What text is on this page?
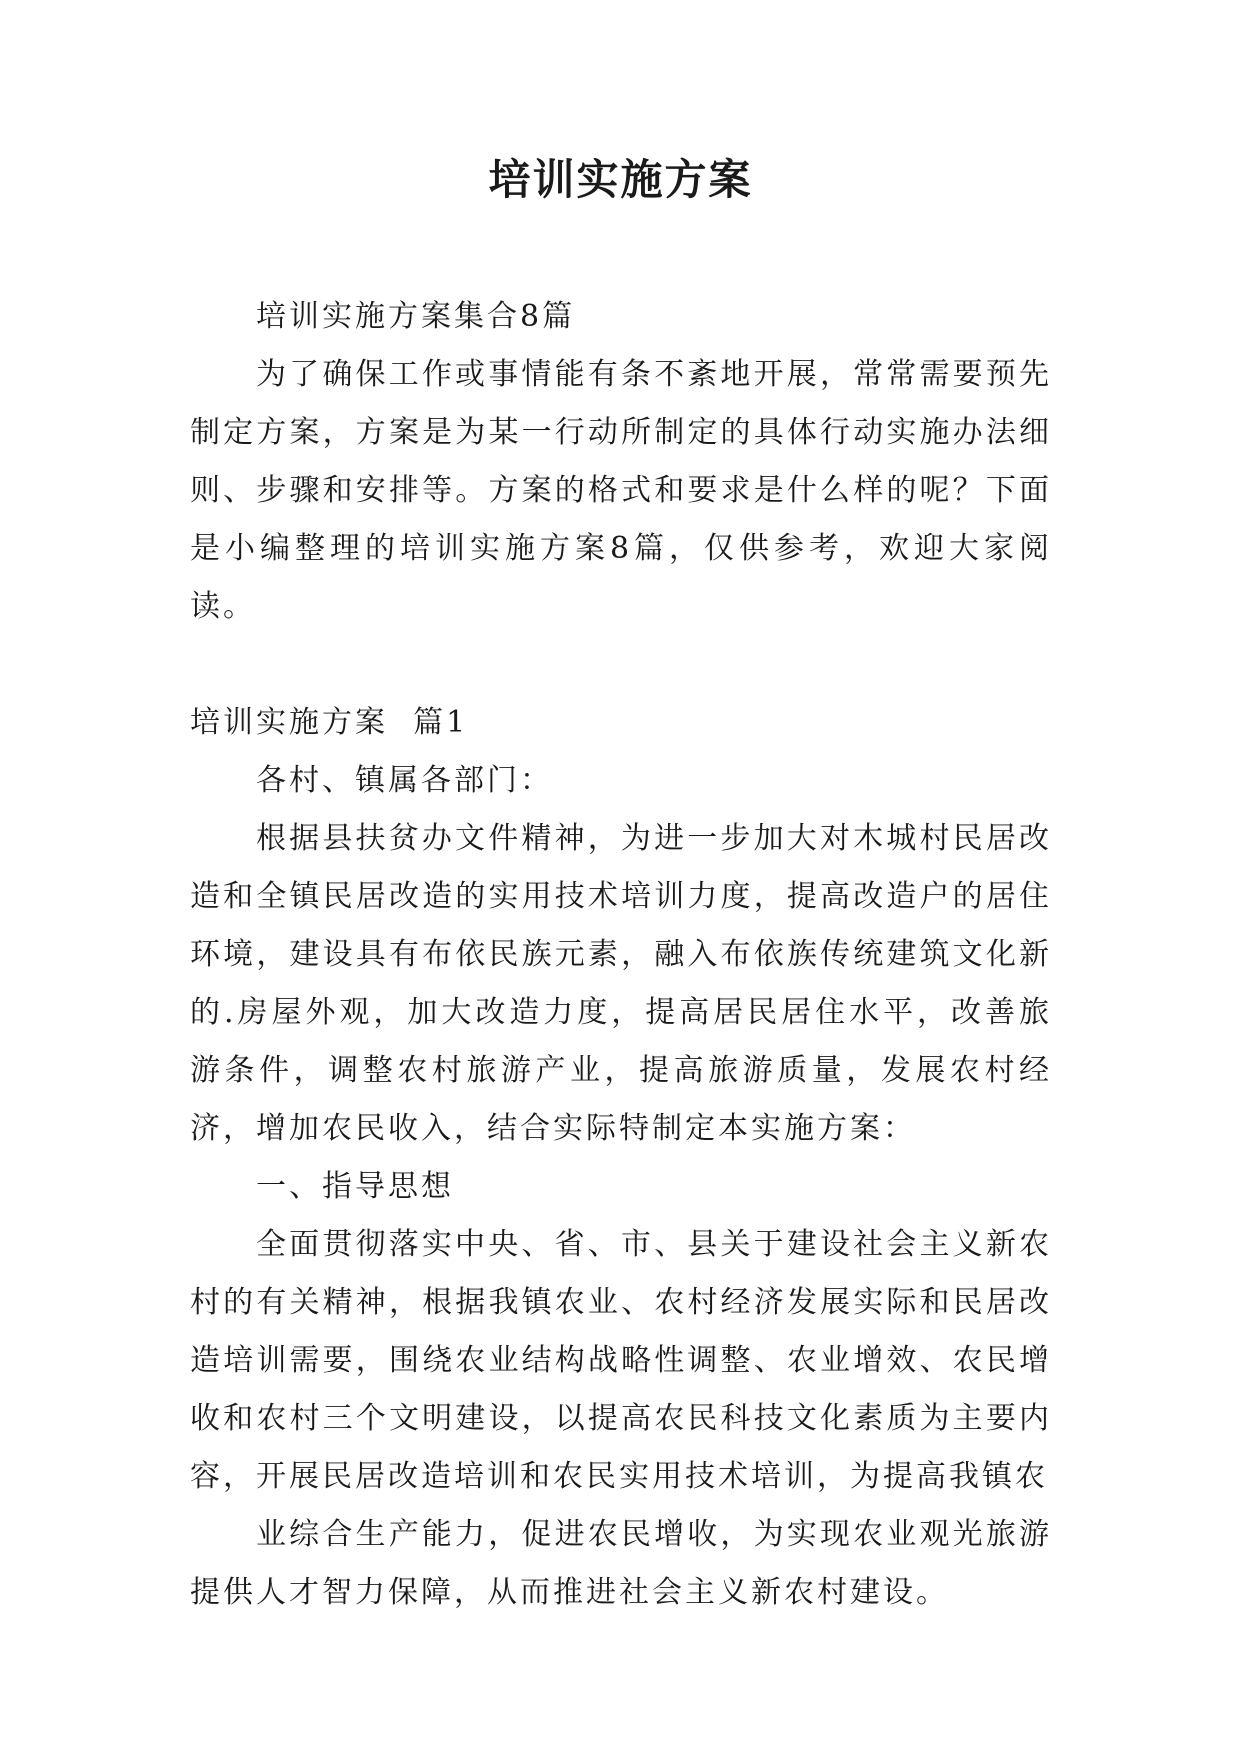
培训实施方案

培训实施方案集合8篇

为了确保工作或事情能有条不紊地开展，常常需要预先制定方案，方案是为某一行动所制定的具体行动实施办法细则、步骤和安排等。方案的格式和要求是什么样的呢？下面是小编整理的培训实施方案8篇，仅供参考，欢迎大家阅读。

培训实施方案  篇1

各村、镇属各部门：

根据县扶贫办文件精神，为进一步加大对木城村民居改造和全镇民居改造的实用技术培训力度，提高改造户的居住环境，建设具有布依民族元素，融入布依族传统建筑文化新的.房屋外观，加大改造力度，提高居民居住水平，改善旅游条件，调整农村旅游产业，提高旅游质量，发展农村经济，增加农民收入，结合实际特制定本实施方案：

一、指导思想

全面贯彻落实中央、省、市、县关于建设社会主义新农村的有关精神，根据我镇农业、农村经济发展实际和民居改造培训需要，围绕农业结构战略性调整、农业增效、农民增收和农村三个文明建设，以提高农民科技文化素质为主要内容，开展民居改造培训和农民实用技术培训，为提高我镇农

业综合生产能力，促进农民增收，为实现农业观光旅游提供人才智力保障，从而推进社会主义新农村建设。
